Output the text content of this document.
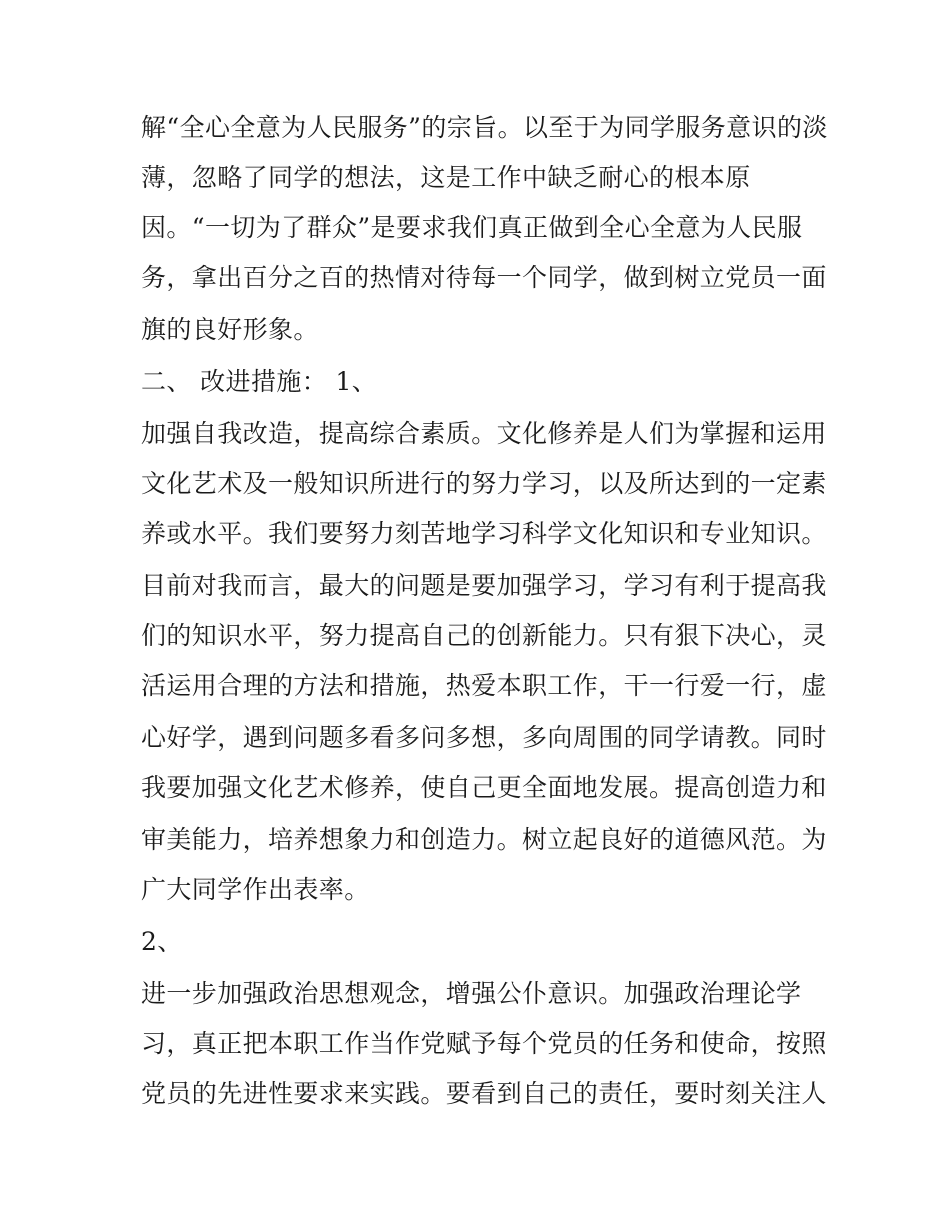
解“全心全意为人民服务”的宗旨。以至于为同学服务意识的淡
薄，忽略了同学的想法，这是工作中缺乏耐心的根本原
因。“一切为了群众”是要求我们真正做到全心全意为人民服
务，拿出百分之百的热情对待每一个同学，做到树立党员一面
旗的良好形象。
二、 改进措施： 1、
加强自我改造，提高综合素质。文化修养是人们为掌握和运用
文化艺术及一般知识所进行的努力学习，以及所达到的一定素
养或水平。我们要努力刻苦地学习科学文化知识和专业知识。
目前对我而言，最大的问题是要加强学习，学习有利于提高我
们的知识水平，努力提高自己的创新能力。只有狠下决心，灵
活运用合理的方法和措施，热爱本职工作，干一行爱一行，虚
心好学，遇到问题多看多问多想，多向周围的同学请教。同时
我要加强文化艺术修养，使自己更全面地发展。提高创造力和
审美能力，培养想象力和创造力。树立起良好的道德风范。为
广大同学作出表率。
2、
进一步加强政治思想观念，增强公仆意识。加强政治理论学
习，真正把本职工作当作党赋予每个党员的任务和使命，按照
党员的先进性要求来实践。要看到自己的责任，要时刻关注人
